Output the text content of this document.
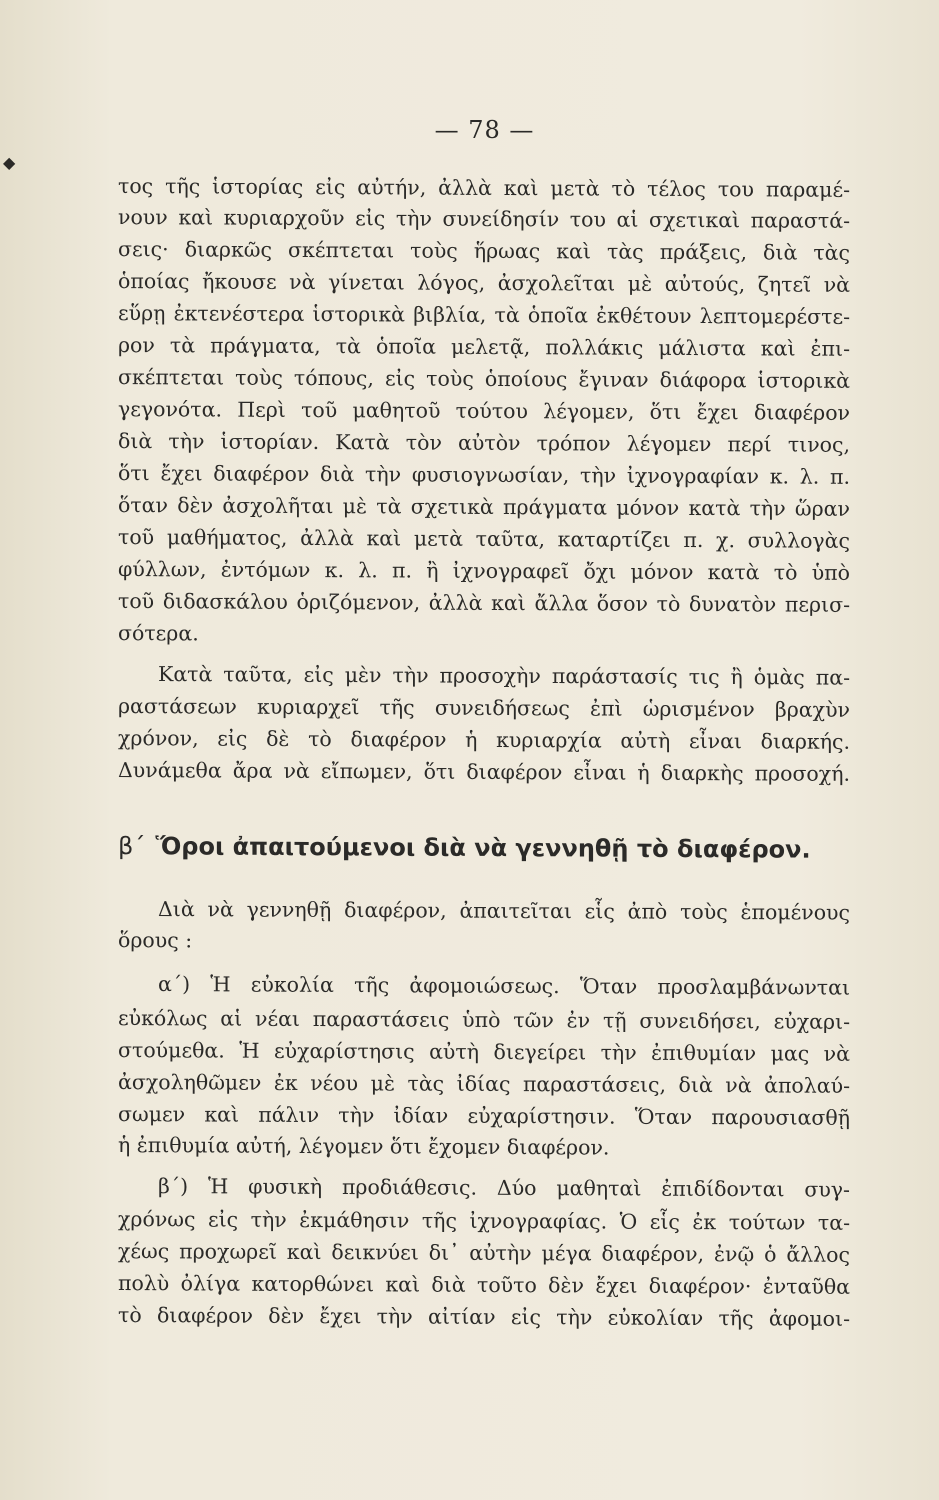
— 78 —
◆
τος τῆς ἱστορίας εἰς αὐτήν, ἀλλὰ καὶ μετὰ τὸ τέλος του παραμέ-
νουν καὶ κυριαρχοῦν εἰς τὴν συνείδησίν του αἱ σχετικαὶ παραστά-
σεις· διαρκῶς σκέπτεται τοὺς ἥρωας καὶ τὰς πράξεις, διὰ τὰς
ὁποίας ἤκουσε νὰ γίνεται λόγος, ἀσχολεῖται μὲ αὐτούς, ζητεῖ νὰ
εὕρῃ ἐκτενέστερα ἱστορικὰ βιβλία, τὰ ὁποῖα ἐκθέτουν λεπτομερέστε-
ρον τὰ πράγματα, τὰ ὁποῖα μελετᾷ, πολλάκις μάλιστα καὶ ἐπι-
σκέπτεται τοὺς τόπους, εἰς τοὺς ὁποίους ἔγιναν διάφορα ἱστορικὰ
γεγονότα. Περὶ τοῦ μαθητοῦ τούτου λέγομεν, ὅτι ἔχει διαφέρον
διὰ τὴν ἱστορίαν. Κατὰ τὸν αὐτὸν τρόπον λέγομεν περί τινος,
ὅτι ἔχει διαφέρον διὰ τὴν φυσιογνωσίαν, τὴν ἰχνογραφίαν κ. λ. π.
ὅταν δὲν ἀσχολῆται μὲ τὰ σχετικὰ πράγματα μόνον κατὰ τὴν ὥραν
τοῦ μαθήματος, ἀλλὰ καὶ μετὰ ταῦτα, καταρτίζει π. χ. συλλογὰς
φύλλων, ἐντόμων κ. λ. π. ἢ ἰχνογραφεῖ ὄχι μόνον κατὰ τὸ ὑπὸ
τοῦ διδασκάλου ὁριζόμενον, ἀλλὰ καὶ ἄλλα ὅσον τὸ δυνατὸν περισ-
σότερα.
Κατὰ ταῦτα, εἰς μὲν τὴν προσοχὴν παράστασίς τις ἢ ὁμὰς πα-
ραστάσεων κυριαρχεῖ τῆς συνειδήσεως ἐπὶ ὡρισμένον βραχὺν
χρόνον, εἰς δὲ τὸ διαφέρον ἡ κυριαρχία αὐτὴ εἶναι διαρκής.
Δυνάμεθα ἄρα νὰ εἴπωμεν, ὅτι διαφέρον εἶναι ἡ διαρκὴς προσοχή.
β΄ Ὅροι ἀπαιτούμενοι διὰ νὰ γεννηθῇ τὸ διαφέρον.
Διὰ νὰ γεννηθῇ διαφέρον, ἀπαιτεῖται εἷς ἀπὸ τοὺς ἑπομένους
ὅρους :
α΄) Ἡ εὐκολία τῆς ἀφομοιώσεως. Ὅταν προσλαμβάνωνται
εὐκόλως αἱ νέαι παραστάσεις ὑπὸ τῶν ἐν τῇ συνειδήσει, εὐχαρι-
στούμεθα. Ἡ εὐχαρίστησις αὐτὴ διεγείρει τὴν ἐπιθυμίαν μας νὰ
ἀσχοληθῶμεν ἐκ νέου μὲ τὰς ἰδίας παραστάσεις, διὰ νὰ ἀπολαύ-
σωμεν καὶ πάλιν τὴν ἰδίαν εὐχαρίστησιν. Ὅταν παρουσιασθῇ
ἡ ἐπιθυμία αὐτή, λέγομεν ὅτι ἔχομεν διαφέρον.
β΄) Ἡ φυσικὴ προδιάθεσις. Δύο μαθηταὶ ἐπιδίδονται συγ-
χρόνως εἰς τὴν ἐκμάθησιν τῆς ἰχνογραφίας. Ὁ εἷς ἐκ τούτων τα-
χέως προχωρεῖ καὶ δεικνύει δι᾿ αὐτὴν μέγα διαφέρον, ἐνῷ ὁ ἄλλος
πολὺ ὀλίγα κατορθώνει καὶ διὰ τοῦτο δὲν ἔχει διαφέρον· ἐνταῦθα
τὸ διαφέρον δὲν ἔχει τὴν αἰτίαν εἰς τὴν εὐκολίαν τῆς ἀφομοι-
